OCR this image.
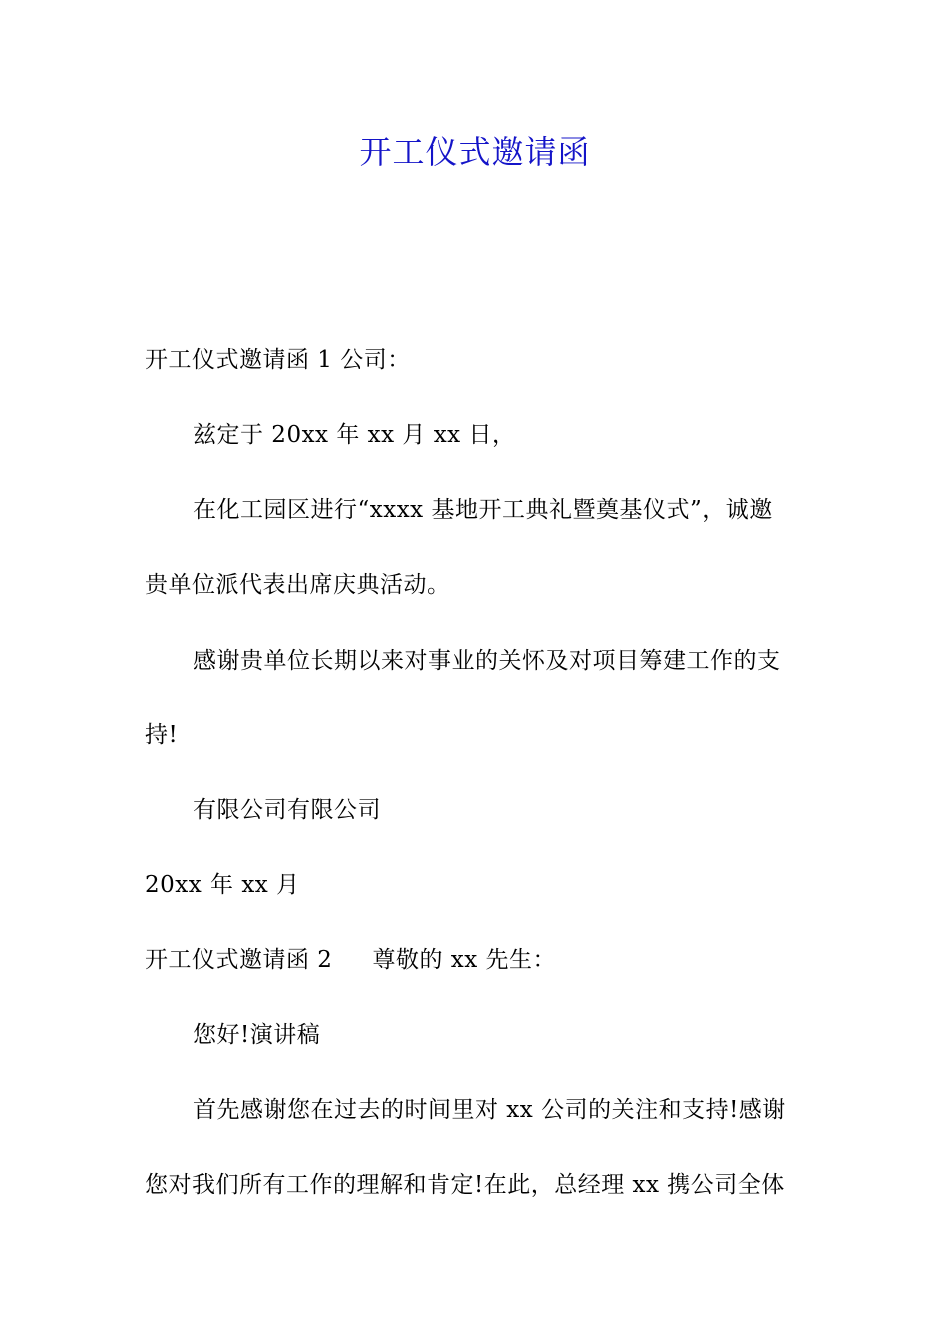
开工仪式邀请函
开工仪式邀请函 1 公司：
兹定于 20xx 年 xx 月 xx 日，
在化工园区进行“xxxx 基地开工典礼暨奠基仪式”，诚邀
贵单位派代表出席庆典活动。
感谢贵单位长期以来对事业的关怀及对项目筹建工作的支
持!
有限公司有限公司
20xx 年 xx 月
开工仪式邀请函 2 尊敬的 xx 先生：
您好!演讲稿
首先感谢您在过去的时间里对 xx 公司的关注和支持!感谢
您对我们所有工作的理解和肯定!在此，总经理 xx 携公司全体
